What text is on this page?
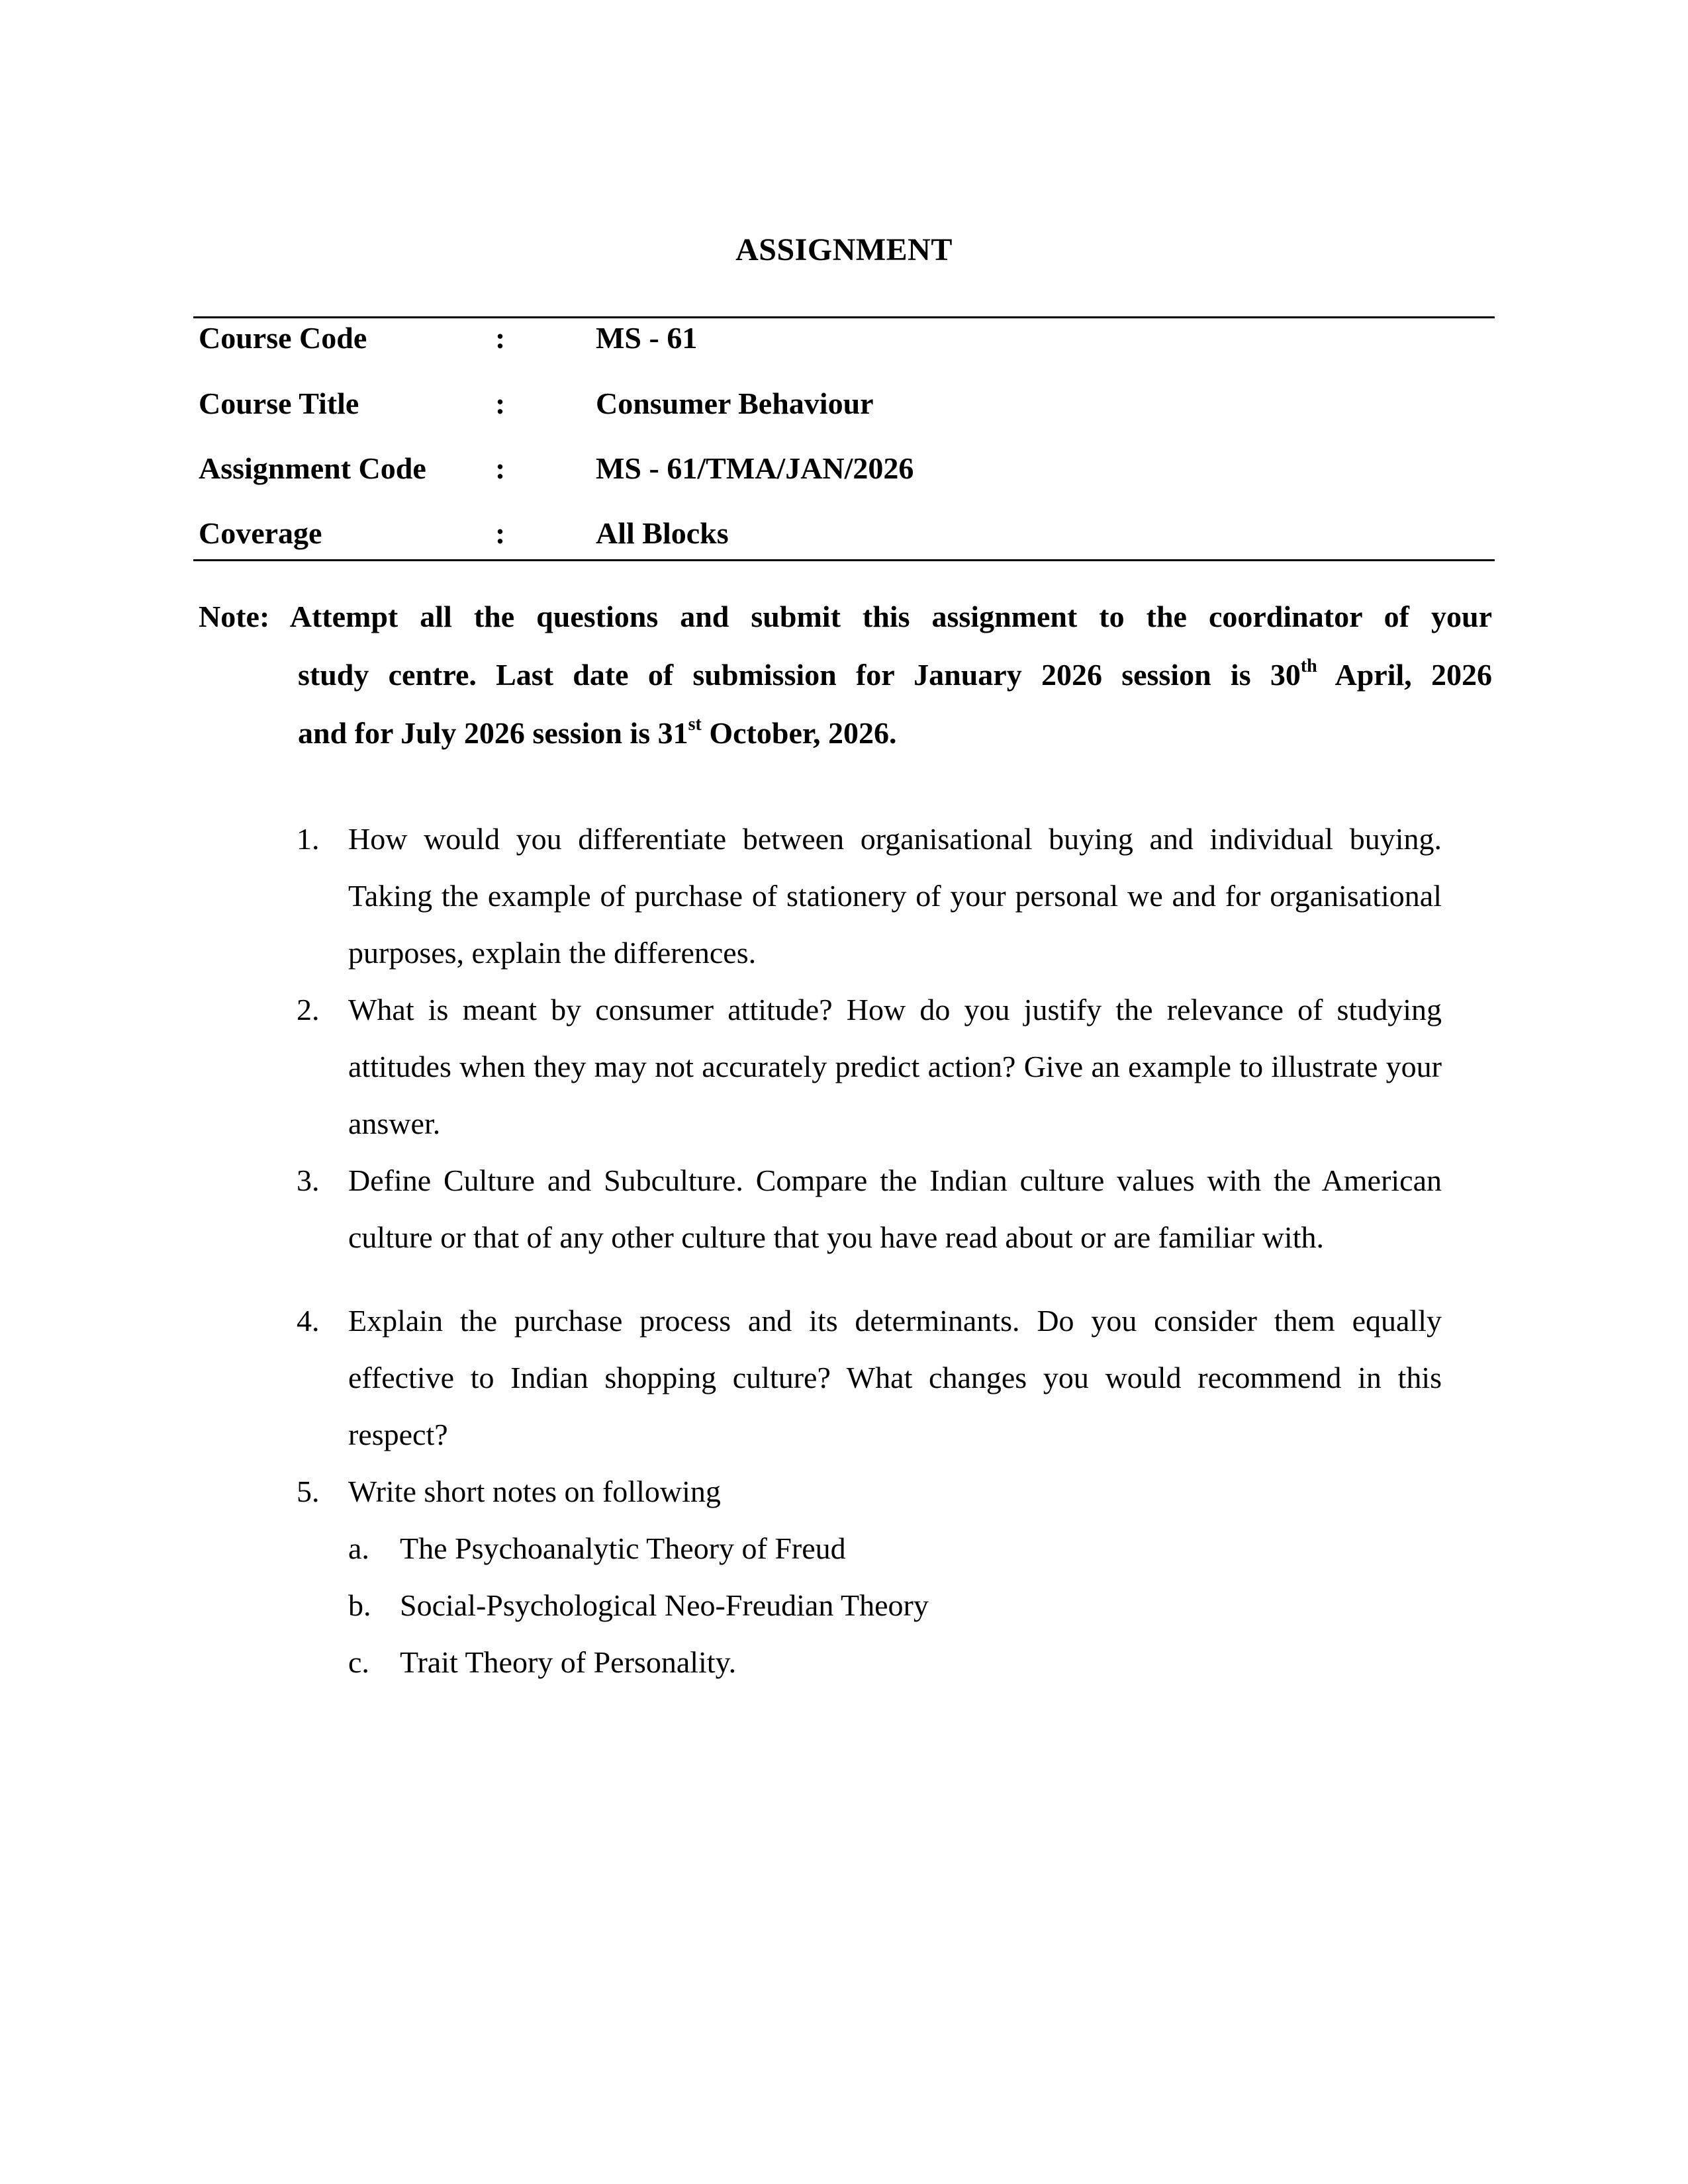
ASSIGNMENT
Course Code	:	MS - 61
Course Title	:	Consumer Behaviour
Assignment Code :	MS - 61/TMA/JAN/2026
Coverage	:	All Blocks
Note: Attempt all the questions and submit this assignment to the coordinator of your
study centre. Last date of submission for January 2026 session is 30th April, 2026
and for July 2026 session is 31st October, 2026.
1. How would you differentiate between organisational buying and individual buying. Taking the example of purchase of stationery of your personal we and for organisational purposes, explain the differences.
2. What is meant by consumer attitude? How do you justify the relevance of studying attitudes when they may not accurately predict action? Give an example to illustrate your answer.
3. Define Culture and Subculture. Compare the Indian culture values with the American culture or that of any other culture that you have read about or are familiar with.
4. Explain the purchase process and its determinants. Do you consider them equally effective to Indian shopping culture? What changes you would recommend in this respect?
5. Write short notes on following
a. The Psychoanalytic Theory of Freud
b. Social-Psychological Neo-Freudian Theory
c. Trait Theory of Personality.
